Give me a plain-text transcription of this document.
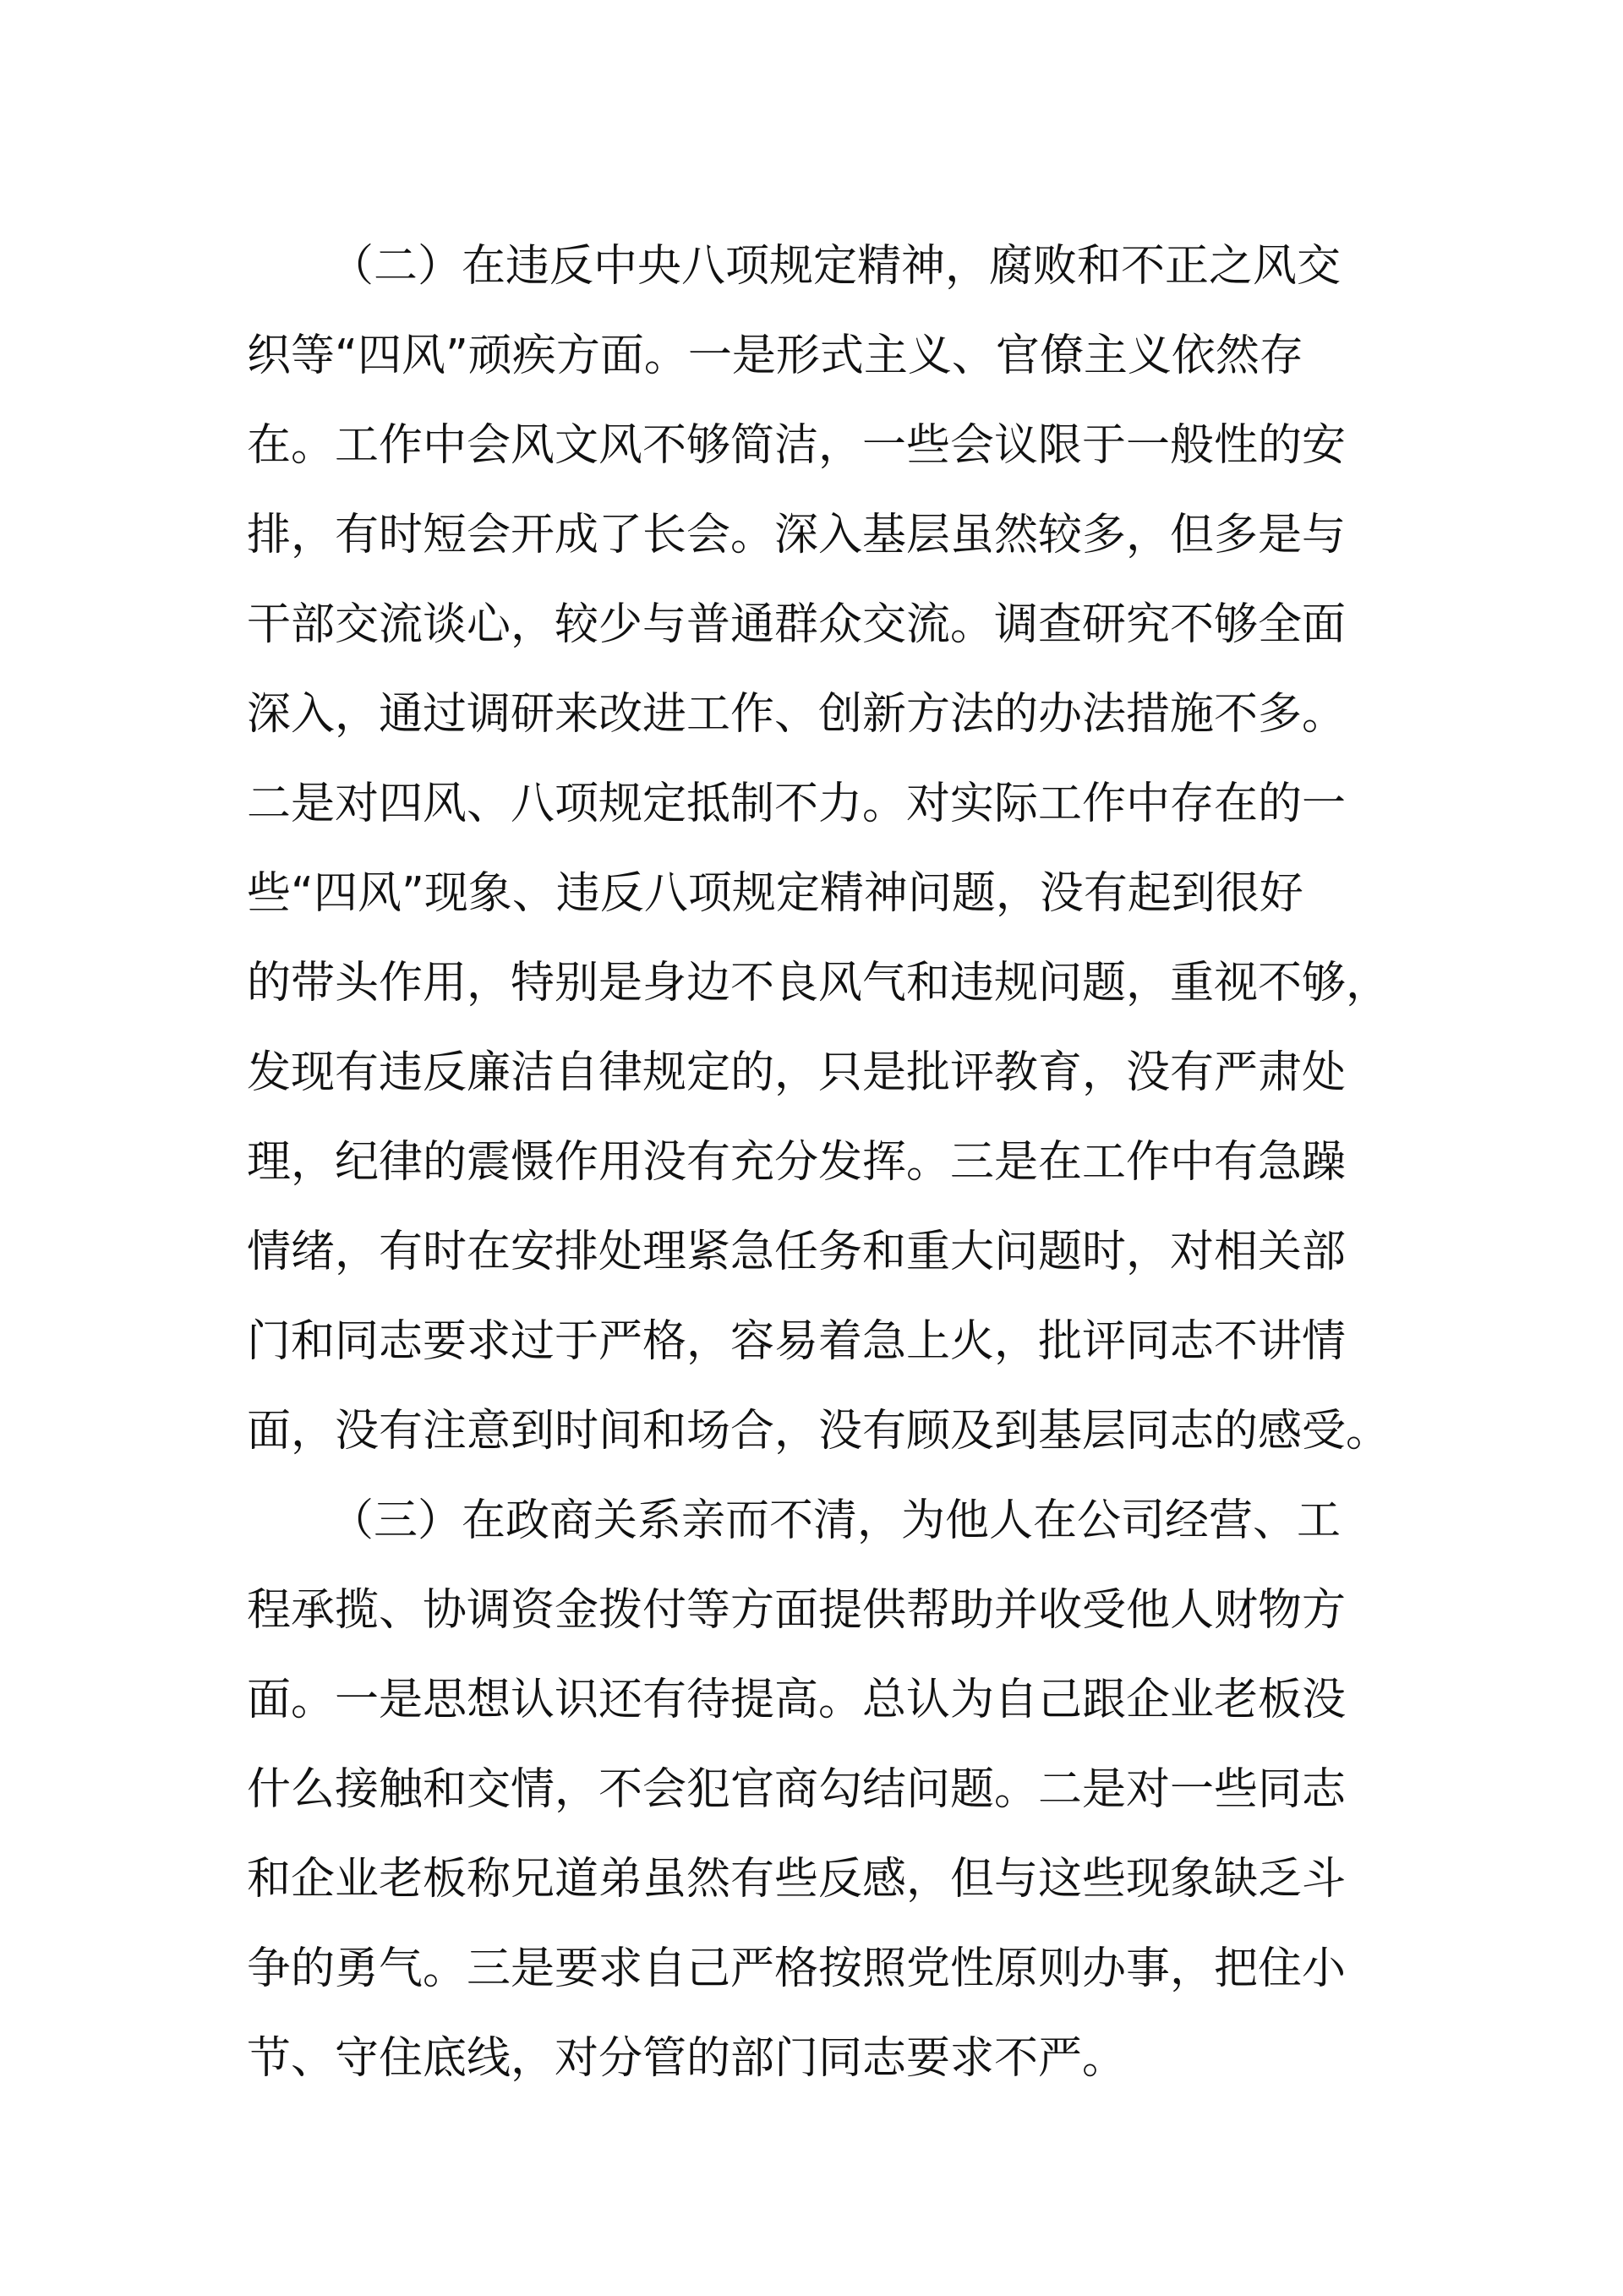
（二）在违反中央八项规定精神，腐败和不正之风交
织等“四风”顽疾方面。一是形式主义、官僚主义依然存
在。工作中会风文风不够简洁，一些会议限于一般性的安
排，有时短会开成了长会。深入基层虽然较多，但多是与
干部交流谈心，较少与普通群众交流。调查研究不够全面
深入，通过调研来改进工作、创新方法的办法措施不多。
二是对四风、八项规定抵制不力。对实际工作中存在的一
些“四风”现象、违反八项规定精神问题，没有起到很好
的带头作用，特别是身边不良风气和违规问题，重视不够，
发现有违反廉洁自律规定的，只是批评教育，没有严肃处
理，纪律的震慑作用没有充分发挥。三是在工作中有急躁
情绪，有时在安排处理紧急任务和重大问题时，对相关部
门和同志要求过于严格，容易着急上火，批评同志不讲情
面，没有注意到时间和场合，没有顾及到基层同志的感受。
（三）在政商关系亲而不清，为他人在公司经营、工
程承揽、协调资金拨付等方面提供帮助并收受他人财物方
面。一是思想认识还有待提高。总认为自己跟企业老板没
什么接触和交情，不会犯官商勾结问题。二是对一些同志
和企业老板称兄道弟虽然有些反感，但与这些现象缺乏斗
争的勇气。三是要求自己严格按照党性原则办事，把住小
节、守住底线，对分管的部门同志要求不严。
